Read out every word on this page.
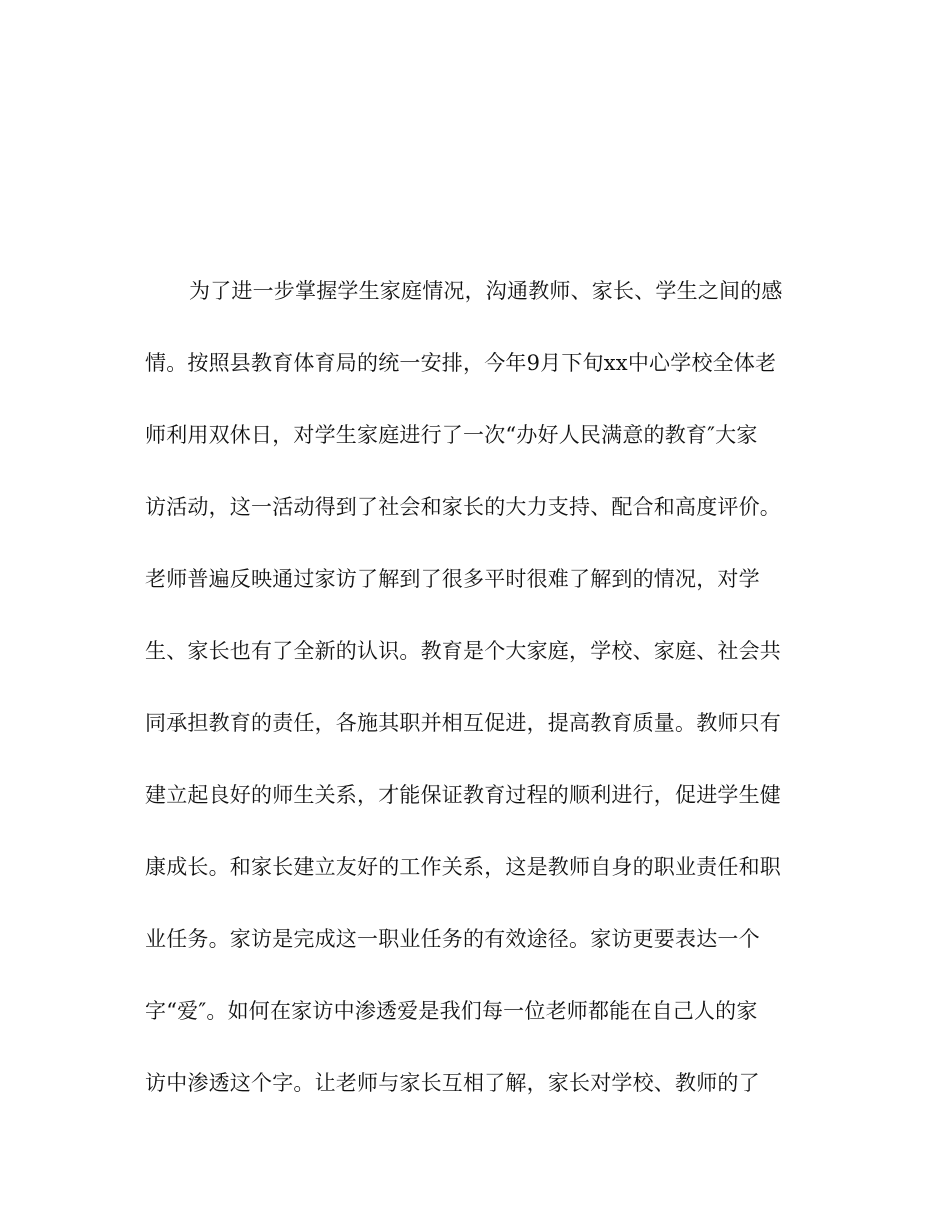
为了进一步掌握学生家庭情况，沟通教师、家长、学生之间的感
情。按照县教育体育局的统一安排，今年9月下旬xx中心学校全体老
师利用双休日，对学生家庭进行了一次“办好人民满意的教育″大家
访活动，这一活动得到了社会和家长的大力支持、配合和高度评价。
老师普遍反映通过家访了解到了很多平时很难了解到的情况，对学
生、家长也有了全新的认识。教育是个大家庭，学校、家庭、社会共
同承担教育的责任，各施其职并相互促进，提高教育质量。教师只有
建立起良好的师生关系，才能保证教育过程的顺利进行，促进学生健
康成长。和家长建立友好的工作关系，这是教师自身的职业责任和职
业任务。家访是完成这一职业任务的有效途径。家访更要表达一个
字“爱″。如何在家访中渗透爱是我们每一位老师都能在自己人的家
访中渗透这个字。让老师与家长互相了解，家长对学校、教师的了
